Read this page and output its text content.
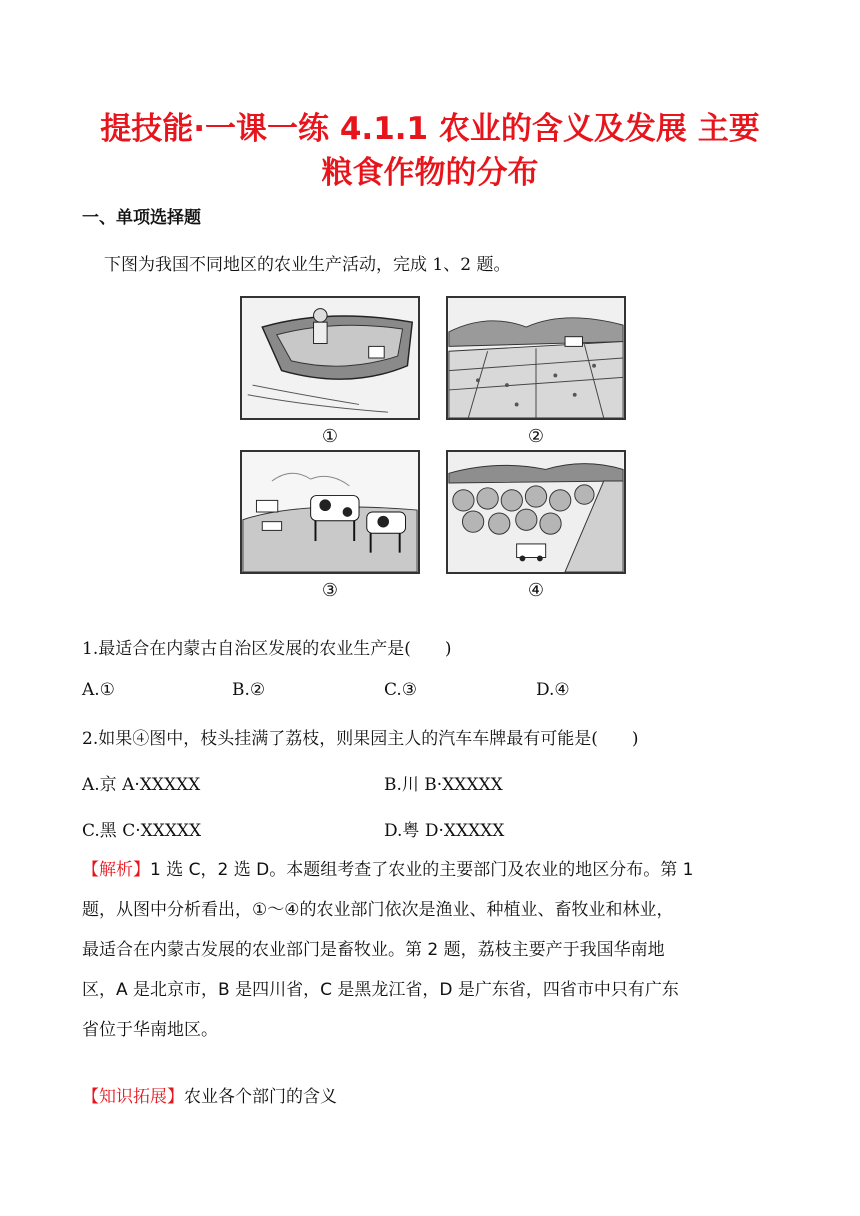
提技能·一课一练 4.1.1 农业的含义及发展 主要
粮食作物的分布
一、单项选择题
下图为我国不同地区的农业生产活动，完成 1、2 题。
①	②
③	④
1.最适合在内蒙古自治区发展的农业生产是(　　)
A.①	B.②	C.③	D.④
2.如果④图中，枝头挂满了荔枝，则果园主人的汽车车牌最有可能是(　　)
A.京 A·XXXXX	B.川 B·XXXXX
C.黑 C·XXXXX	D.粤 D·XXXXX

【解析】1 选 C，2 选 D。本题组考查了农业的主要部门及农业的地区分布。第 1

题，从图中分析看出，①～④的农业部门依次是渔业、种植业、畜牧业和林业，

最适合在内蒙古发展的农业部门是畜牧业。第 2 题，荔枝主要产于我国华南地

区，A 是北京市，B 是四川省，C 是黑龙江省，D 是广东省，四省市中只有广东

省位于华南地区。

【知识拓展】农业各个部门的含义
